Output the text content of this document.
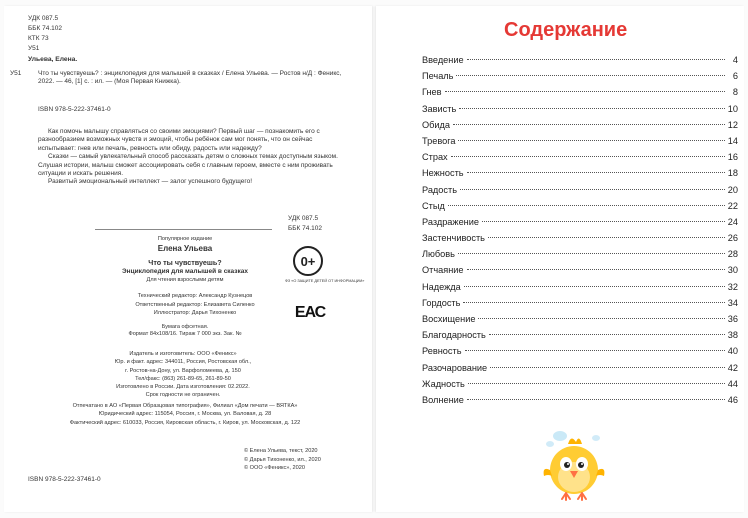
УДК 087.5
ББК 74.102
КТК 73
У51
Ульева, Елена.
У51	Что ты чувствуешь? : энциклопедия для малышей в сказках / Елена Ульева. — Ростов н/Д : Феникс, 2022. — 46, [1] с. : ил. — (Моя Первая Книжка).
ISBN 978-5-222-37461-0

Как помочь малышу справляться со своими эмоциями? Первый шаг — познакомить его с разнообразием возможных чувств и эмоций, чтобы ребёнок сам мог понять, что он сейчас испытывает: гнев или печаль, ревность или обиду, радость или надежду?

Сказки — самый увлекательный способ рассказать детям о сложных темах доступным языком. Слушая истории, малыш сможет ассоциировать себя с главным героем, вместе с ним проживать ситуации и искать решения.

Развитый эмоциональный интеллект — залог успешного будущего!

УДК 087.5
ББК 74.102
Популярное издание
Елена Ульева
Что ты чувствуешь?
Энциклопедия для малышей в сказках
Для чтения взрослыми детям
Технический редактор: Александр Кузнецов
Ответственный редактор: Елизавета Силенко
Иллюстратор: Дарья Тихоненко
Бумага офсетная.
Формат 84x108/16. Тираж 7 000 экз. Зак. №
Издатель и изготовитель: ООО «Феникс»
Юр. и факт. адрес: 344011, Россия, Ростовская обл.,
г. Ростов-на-Дону, ул. Варфоломеева, д. 150
Тел/факс: (863) 261-89-65, 261-89-50
Изготовлено в России. Дата изготовления: 02.2022.
Срок годности не ограничен.
Отпечатано в АО «Первая Образцовая типография», Филиал «Дом печати — ВЯТКА»
Юридический адрес: 115054, Россия, г. Москва, ул. Валовая, д. 28
Фактический адрес: 610033, Россия, Кировская область, г. Киров, ул. Московская, д. 122
0+
ФЗ «О ЗАЩИТЕ ДЕТЕЙ ОТ ИНФОРМАЦИИ»
ЕАС
ISBN 978-5-222-37461-0
© Елена Ульева, текст, 2020
© Дарья Тихоненко, ил., 2020
© ООО «Феникс», 2020
Содержание
Введение	4
Печаль	6
Гнев	8
Зависть	10
Обида	12
Тревога	14
Страх	16
Нежность	18
Радость	20
Стыд	22
Раздражение	24
Застенчивость	26
Любовь	28
Отчаяние	30
Надежда	32
Гордость	34
Восхищение	36
Благодарность	38
Ревность	40
Разочарование	42
Жадность	44
Волнение	46
